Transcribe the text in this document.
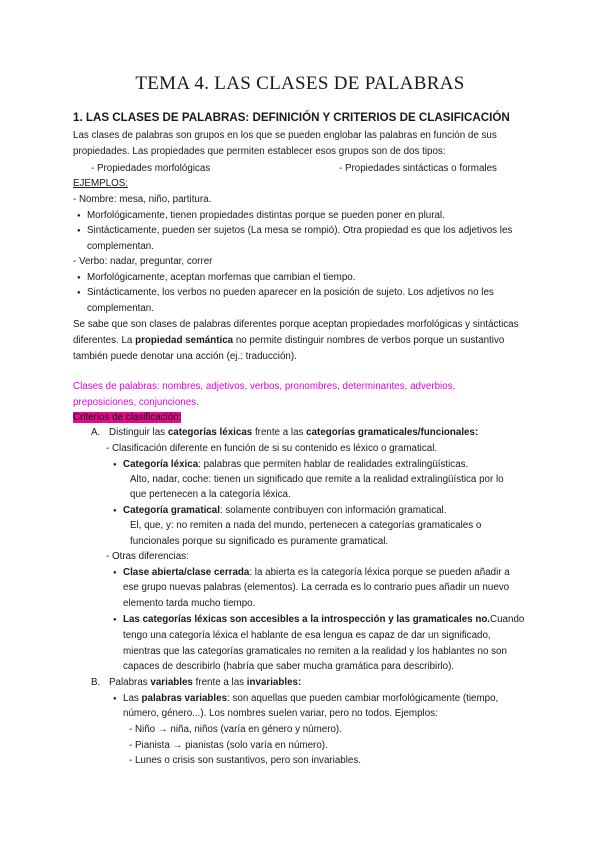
TEMA 4. LAS CLASES DE PALABRAS
1. LAS CLASES DE PALABRAS: DEFINICIÓN Y CRITERIOS DE CLASIFICACIÓN
Las clases de palabras son grupos en los que se pueden englobar las palabras en función de sus
propiedades. Las propiedades que permiten establecer esos grupos son de dos tipos:
- Propiedades morfológicas	- Propiedades sintácticas o formales
EJEMPLOS:
- Nombre: mesa, niño, partitura.
● Morfológicamente, tienen propiedades distintas porque se pueden poner en plural.
● Sintácticamente, pueden ser sujetos (La mesa se rompió). Otra propiedad es que los adjetivos les
complementan.
- Verbo: nadar, preguntar, correr
● Morfológicamente, aceptan morfemas que cambian el tiempo.
● Sintácticamente, los verbos no pueden aparecer en la posición de sujeto. Los adjetivos no les
complementan.
Se sabe que son clases de palabras diferentes porque aceptan propiedades morfológicas y sintácticas
diferentes. La propiedad semántica no permite distinguir nombres de verbos porque un sustantivo
también puede denotar una acción (ej.: traducción).
Clases de palabras: nombres, adjetivos, verbos, pronombres, determinantes, adverbios,
preposiciones, conjunciones.
Criterios de clasificación:
A. Distinguir las categorías léxicas frente a las categorías gramaticales/funcionales:
- Clasificación diferente en función de si su contenido es léxico o gramatical.
● Categoría léxica: palabras que permiten hablar de realidades extralingüísticas.
Alto, nadar, coche: tienen un significado que remite a la realidad extralingüística por lo
que pertenecen a la categoría léxica.
● Categoría gramatical: solamente contribuyen con información gramatical.
El, que, y: no remiten a nada del mundo, pertenecen a categorías gramaticales o
funcionales porque su significado es puramente gramatical.
- Otras diferencias:
● Clase abierta/clase cerrada: la abierta es la categoría léxica porque se pueden añadir a
ese grupo nuevas palabras (elementos). La cerrada es lo contrario pues añadir un nuevo
elemento tarda mucho tiempo.
● Las categorías léxicas son accesibles a la introspección y las gramaticales no.Cuando
tengo una categoría léxica el hablante de esa lengua es capaz de dar un significado,
mientras que las categorías gramaticales no remiten a la realidad y los hablantes no son
capaces de describirlo (habría que saber mucha gramática para describirlo).
B. Palabras variables frente a las invariables:
● Las palabras variables: son aquellas que pueden cambiar morfológicamente (tiempo,
número, género...). Los nombres suelen variar, pero no todos. Ejemplos:
- Niño → niña, niños (varía en género y número).
- Pianista → pianistas (solo varía en número).
- Lunes o crisis son sustantivos, pero son invariables.
